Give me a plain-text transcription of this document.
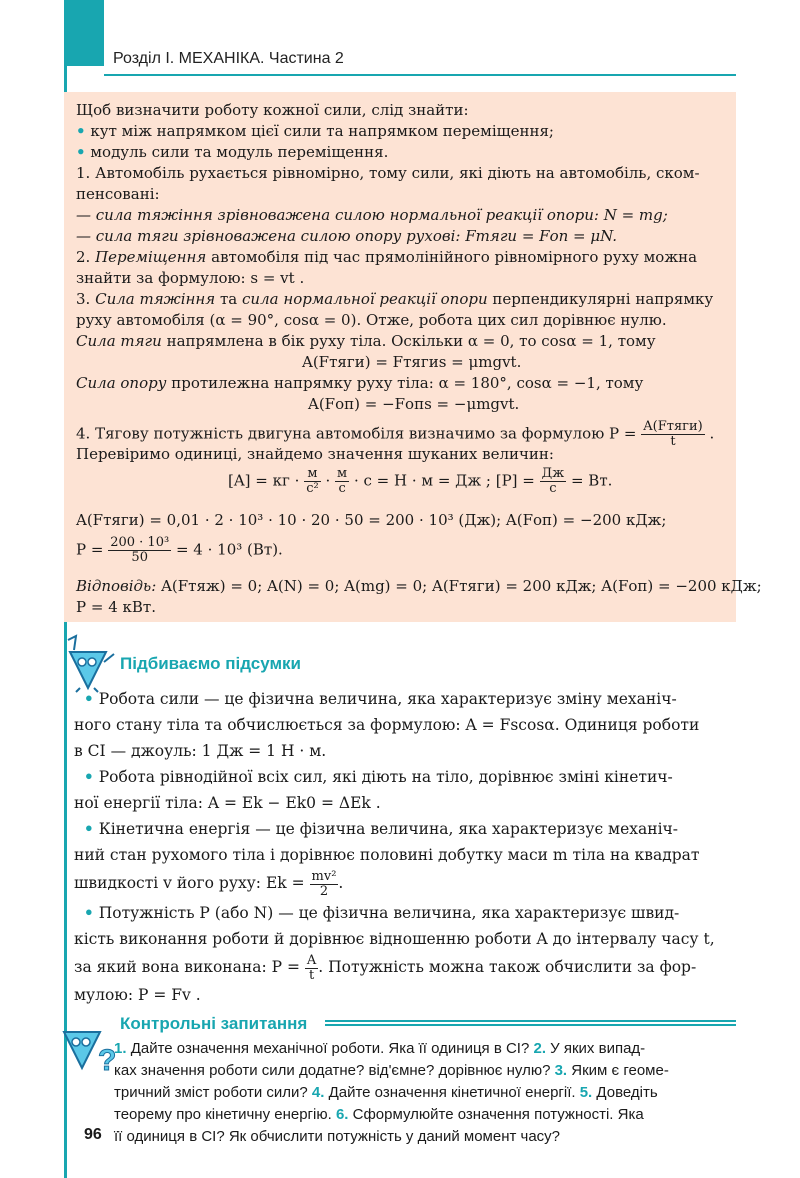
Розділ І. МЕХАНІКА. Частина 2
Щоб визначити роботу кожної сили, слід знайти:
• кут між напрямком цієї сили та напрямком переміщення;
• модуль сили та модуль переміщення.
1. Автомобіль рухається рівномірно, тому сили, які діють на автомобіль, ском-
пенсовані:
— сила тяжіння зрівноважена силою нормальної реакції опори: N = mg;
— сила тяги зрівноважена силою опору рухові: Fтяги = Fоп = μN.
2. Переміщення автомобіля під час прямолінійного рівномірного руху можна
знайти за формулою: s = vt .
3. Сила тяжіння та сила нормальної реакції опори перпендикулярні напрямку
руху автомобіля (α = 90°, cosα = 0). Отже, робота цих сил дорівнює нулю.
Сила тяги напрямлена в бік руху тіла. Оскільки α = 0, то cosα = 1, тому
A(Fтяги) = Fтягиs = μmgvt.
Сила опору протилежна напрямку руху тіла: α = 180°, cosα = −1, тому
A(Fоп) = −Fопs = −μmgvt.
4. Тягову потужність двигуна автомобіля визначимо за формулою $P = \frac{\text{A(Fтяги)}}{t}$ .
Перевіримо одиниці, знайдемо значення шуканих величин:
[A] = кг · $\frac{м}{\text{с²}} \cdot \frac{м}{с} \cdot с = Н \cdot м$ = Дж ; $[P] = \frac{Дж}{с}$ = Вт.
A(Fтяги) = 0,01 · 2 · 10³ · 10 · 20 · 50 = 200 · 10³ (Дж); A(Fоп) = −200 кДж;
$P = \frac{\text{200 · 10³}}{50} = 4 \cdot 10^3$ (Вт).
Відповідь: A(Fтяж) = 0; A(N) = 0; A(mg) = 0; A(Fтяги) = 200 кДж; A(Fоп) = −200 кДж;
P = 4 кВт.
Підбиваємо підсумки
• Робота сили — це фізична величина, яка характеризує зміну механіч-
ного стану тіла та обчислюється за формулою: A = Fscosα. Одиниця роботи
в СІ — джоуль: 1 Дж = 1 Н · м.
• Робота рівнодійної всіх сил, які діють на тіло, дорівнює зміні кінетич-
ної енергії тіла: A = Ek − Ek0 = ΔEk .
• Кінетична енергія — це фізична величина, яка характеризує механіч-
ний стан рухомого тіла і дорівнює половині добутку маси m тіла на квадрат
швидкості v його руху: $Ek = \frac{\text{mv²}}{2}$ .
• Потужність P (або N) — це фізична величина, яка характеризує швид-
кість виконання роботи й дорівнює відношенню роботи A до інтервалу часу t,
за який вона виконана: $P = \frac{A}{t}$ . Потужність можна також обчислити за фор-
мулою: P = Fv .
?
Контрольні запитання
1. Дайте означення механічної роботи. Яка її одиниця в СІ? 2. У яких випад-
ках значення роботи сили додатне? від'ємне? дорівнює нулю? 3. Яким є геоме-
тричний зміст роботи сили? 4. Дайте означення кінетичної енергії. 5. Доведіть
теорему про кінетичну енергію. 6. Сформулюйте означення потужності. Яка
її одиниця в СІ? Як обчислити потужність у даний момент часу?
96
